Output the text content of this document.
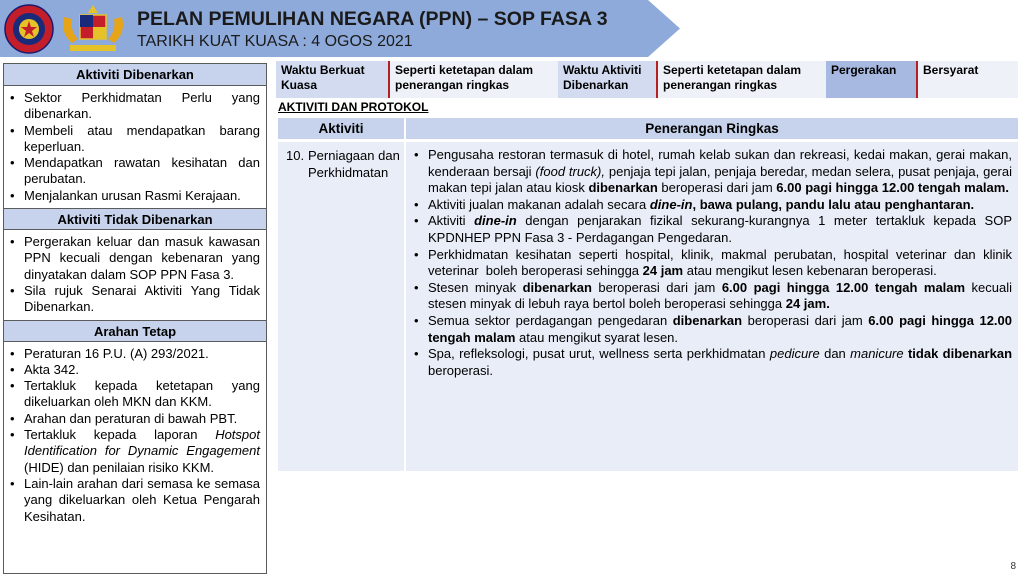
PELAN PEMULIHAN NEGARA (PPN) – SOP FASA 3
TARIKH KUAT KUASA : 4 OGOS 2021
Aktiviti Dibenarkan
• Sektor Perkhidmatan Perlu yang dibenarkan.
• Membeli atau mendapatkan barang keperluan.
• Mendapatkan rawatan kesihatan dan perubatan.
• Menjalankan urusan Rasmi Kerajaan.
Aktiviti Tidak Dibenarkan
• Pergerakan keluar dan masuk kawasan PPN kecuali dengan kebenaran yang dinyatakan dalam SOP PPN Fasa 3.
• Sila rujuk Senarai Aktiviti Yang Tidak Dibenarkan.
Arahan Tetap
• Peraturan 16 P.U. (A) 293/2021.
• Akta 342.
• Tertakluk kepada ketetapan yang dikeluarkan oleh MKN dan KKM.
• Arahan dan peraturan di bawah PBT.
• Tertakluk kepada laporan Hotspot Identification for Dynamic Engagement (HIDE) dan penilaian risiko KKM.
• Lain-lain arahan dari semasa ke semasa yang dikeluarkan oleh Ketua Pengarah Kesihatan.
Waktu Berkuat Kuasa
Seperti ketetapan dalam penerangan ringkas
Waktu Aktiviti Dibenarkan
Seperti ketetapan dalam penerangan ringkas
Pergerakan	Bersyarat
AKTIVITI DAN PROTOKOL
Aktiviti	Penerangan Ringkas
10. Perniagaan dan Perkhidmatan
• Pengusaha restoran termasuk di hotel, rumah kelab sukan dan rekreasi, kedai makan, gerai makan, kenderaan bersaji (food truck), penjaja tepi jalan, penjaja beredar, medan selera, pusat penjaja, gerai makan tepi jalan atau kiosk dibenarkan beroperasi dari jam 6.00 pagi hingga 12.00 tengah malam.
• Aktiviti jualan makanan adalah secara dine-in, bawa pulang, pandu lalu atau penghantaran.
• Aktiviti dine-in dengan penjarakan fizikal sekurang-kurangnya 1 meter tertakluk kepada SOP KPDNHEP PPN Fasa 3 - Perdagangan Pengedaran.
• Perkhidmatan kesihatan seperti hospital, klinik, makmal perubatan, hospital veterinar dan klinik veterinar  boleh beroperasi sehingga 24 jam atau mengikut lesen kebenaran beroperasi.
• Stesen minyak dibenarkan beroperasi dari jam 6.00 pagi hingga 12.00 tengah malam kecuali stesen minyak di lebuh raya bertol boleh beroperasi sehingga 24 jam.
• Semua sektor perdagangan pengedaran dibenarkan beroperasi dari jam 6.00 pagi hingga 12.00 tengah malam atau mengikut syarat lesen.
• Spa, refleksologi, pusat urut, wellness serta perkhidmatan pedicure dan manicure tidak dibenarkan beroperasi.
8
